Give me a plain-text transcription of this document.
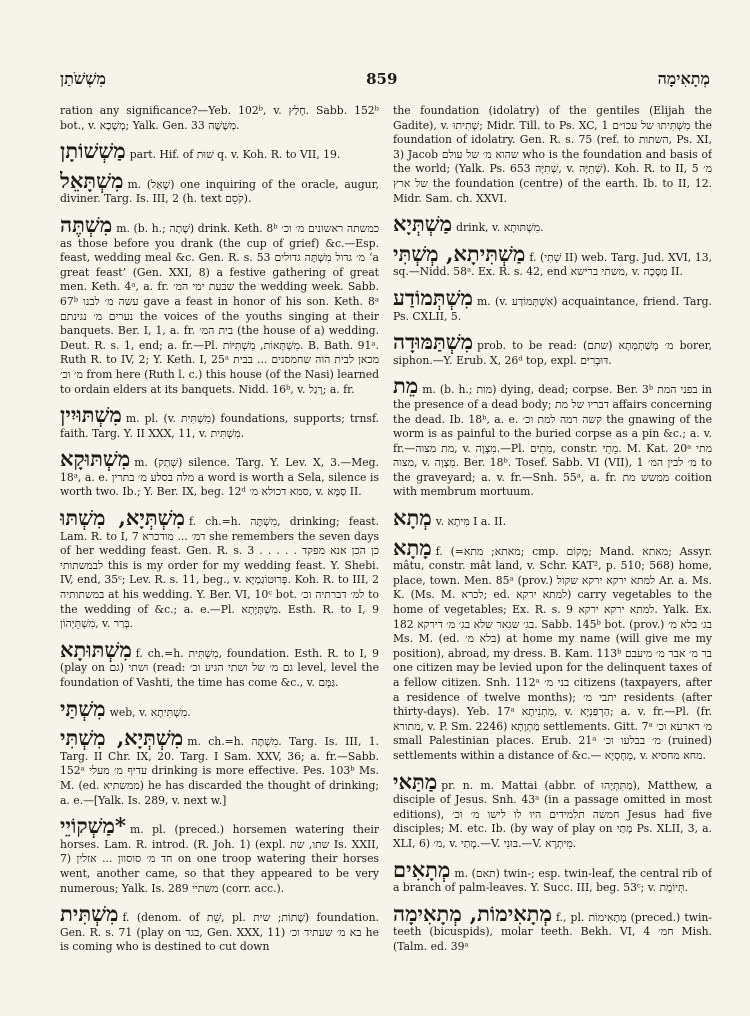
מִשְׁשֹׁתַן	859	מְתָאִימָה

ration any significance?—Yeb. 102ᵇ, v. חָלַץ. Sabb. 152ᵇ bot., v. מְשָׁכָא; Yalk. Gen. 33 מְשָׁשָׁה.

מַשְׁשׁוֹתָן part. Hif. of שׁוּת q. v. Koh. R. to VII, 19.

מִשְׁתָּאֵל m. (שָׁאַל) one inquiring of the oracle, augur, diviner. Targ. Is. III, 2 (h. text קֹסֵם).

מִשְׁתֶּה m. (b. h.; שָׁתָה) drink. Keth. 8ᵇ כמשתה ראשונים מ׳ וכ׳ as those before you drank (the cup of grief) &c.—Esp. feast, wedding meal &c. Gen. R. s. 53 מ׳ גדול מִשְׁתֶּה גדולים ‘a great feast’ (Gen. XXI, 8) a festive gathering of great men. Keth. 4ᵃ, a. fr. שבעת ימי המ׳ the wedding week. Sabb. 67ᵇ עשה מ׳ לבנו gave a feast in honor of his son. Keth. 8ᵃ נערים מ׳ נגינתם the voices of the youths singing at their banquets. Ber. I, 1, a. fr. בית המ׳ (the house of a) wedding. Deut. R. s. 1, end; a. fr.—Pl. מִשְׁתָּאוֹת, מִשְׁתִּיּוֹת. B. Bath. 91ᵃ. Ruth R. to IV, 2; Y. Keth. I, 25ᵃ מכאן לבית הוה שחמסנים ... בבית מ׳ וכ׳ from here (Ruth l. c.) this house (of the Nasi) learned to ordain elders at its banquets. Nidd. 16ᵇ, v. רָגַל; a. fr.

מִשְׁתּוּיִין m. pl. (v. מִשְׁתִּית) foundations, supports; trnsf. faith. Targ. Y. II XXX, 11, v. מִשְׁתִּית.

מִשְׁתּוּקָא m. (שְׁתַק) silence. Targ. Y. Lev. X, 3.—Meg. 18ᵃ, a. e. מלה בסלע מ׳ בתרין a word is worth a Sela, silence is worth two. Ib.; Y. Ber. IX, beg. 12ᵈ סמא דכולא מ׳, v. סַמָּא II.

מִשְׁתְּיָא, מִשְׁתּוּ f. ch.=h. מִשְׁתֶּה, drinking; feast. Lam. R. to I, 7 דמ׳ ... מודכרא she remembers the seven days of her wedding feast. Gen. R. s. 3 . . כן הכן אנא מפקד . . . לבמשתותי this is my order for my wedding feast. Y. Shebi. IV, end, 35ᶜ; Lev. R. s. 11, beg., v. פְּרוּטוֹגַמְיָא. Koh. R. to III, 2 במשתותיה at his wedding. Y. Ber. VI, 10ᶜ bot. למ׳ דברתיה וכ׳ to the wedding of &c.; a. e.—Pl. מִשְׁתְּיָתָא. Esth. R. to I, 9 מִשְׁתֵּיְהוֹן, v. בְּרַר.

מִשְׁתּוּתָא f. ch.=h. מִשְׁתִּית, foundation. Esth. R. to I, 9 (play on גם) ושתי (read: גם מ׳ של ושתי הגיע וכ׳ level, level the foundation of Vashti, the time has come &c., v. גַּמָּם.

מִשְׁתַּי web, v. מִשְׁתִּיתָא.

מִשְׁתְּיָא, מִשְׁתִּי m. ch.=h. מִשְׁתֶּה. Targ. Is. III, 1. Targ. II Chr. IX, 20. Targ. I Sam. XXV, 36; a. fr.—Sabb. 152ᵃ עדיף מ׳ מעלי drinking is more effective. Pes. 103ᵇ Ms. M. (ed. ממשתיא) he has discarded the thought of drinking; a. e.—[Yalk. Is. 289, v. next w.]

*מַשְׁקוֹיֵי m. pl. (preced.) horsemen watering their horses. Lam. R. introd. (R. Joh. 1) (expl. שתו, שת Is. XXII, 7) חד מ׳ סוסוון ... אזלין on one troop watering their horses went, another came, so that they appeared to be very numerous; Yalk. Is. 289 משתיי (corr. acc.).

מִשְׁתִּית f. (denom. of שֵׁת, pl. שָׁתוֹת; שית) foundation. Gen. R. s. 71 (play on בגד, Gen. XXX, 11) בא מ׳ שעתיד וכ׳ he is coming who is destined to cut down

the foundation (idolatry) of the gentiles (Elijah the Gadite), v. שְׁתִיתוּ; Midr. Till. to Ps. XC, 1 מִשְׁתִּיתוּ של עכו״ם the foundation of idolatry. Gen. R. s. 75 (ref. to השתות, Ps. XI, 3) Jacob שהוא מ׳ של עולם who is the foundation and basis of the world; (Yalk. Ps. 653 שְׁתִיָּה, v. שְׁתִיָּה). Koh. R. to II, 5 מ׳ של ארץ the foundation (centre) of the earth. Ib. to II, 12. Midr. Sam. ch. XXVI.

מַשְׁתְּיָא drink, v. מִשְׁתּוּתָא.

מַשְׁתִּיתָא, מְשְׁתִּי f. (שְׁתִי II) web. Targ. Jud. XVI, 13, sq.—Nidd. 58ᵃ. Ex. R. s. 42, end משתי ברישא, v. מַסֶּכָה II.

מִשְׁתְּמוֹדַע m. (v. אִשְׁתְּמוֹדַע) acquaintance, friend. Targ. Ps. CXLII, 5.

מִשְׁתַּמּוּדָה prob. to be read: מ׳ מְשַׁתְמְתָא (שתם) borer, siphon.—Y. Erub. X, 26ᵈ top, expl. דּוּבְרִיּם.

מֵת m. (b. h.; מות) dying, dead; corpse. Ber. 3ᵇ בפני המת in the presence of a dead body; דבריו של מת affairs concerning the dead. Ib. 18ᵇ, a. e. קשה רמה למת וכ׳ the gnawing of the worm is as painful to the buried corpse as a pin &c.; a. v. fr.—מת מצוה, v. מִצְוָה.—Pl. מֵתִים, constr. מֵתֵי. M. Kat. 20ᵃ מתי מצוה, v. מִצְוָה. Ber. 18ᵇ. Tosef. Sabb. VI (VII), 1 מ׳ לבין המ׳ to the graveyard; a. v. fr.—Snh. 55ᵃ, a. fr. ממשש מת coition with membrum mortuum.

מְתָא v. מִיתָא I a. II.

מָתָא f. (=מאתא; מתא; cmp. מָקוֹם; Mand. מאתא; Assyr. mâtu, constr. mât land, v. Schr. KAT², p. 510; 568) home, place, town. Men. 85ᵃ (prov.) למתא ירקא ירקא שקול Ar. a. Ms. K. (Ms. M. לכרא; ed. למתא ירקא) carry vegetables to the home of vegetables; Ex. R. s. 9 למתא ירקא ירקא. Yalk. Ex. 182 בג׳ שגאר שלא בג׳ מ׳ דירקא. Sabb. 145ᵇ bot. (prov.) בג׳ בלא מ׳ Ms. M. (ed. בלא מ׳) at home my name (will give me my position), abroad, my dress. B. Kam. 113ᵇ בר מ׳ אבר מ׳ מיעבם one citizen may be levied upon for the delinquent taxes of a fellow citizen. Snh. 112ᵃ בני מ׳ citizens (taxpayers, after a residence of twelve months); יתבי מ׳ residents (after thirty-days). Yeb. 17ᵃ מִתְנִיתָא, v. הַרְפַּנְיָא; a. v. fr.—Pl. (fr. מתורא, v. P. Sm. 2246) מַתְוָתָא settlements. Gitt. 7ᵃ מ׳ דארעא וכ׳ small Palestinian places. Erub. 21ᵃ מ׳ בבלעו וכ׳ (ruined) settlements within a distance of &c.— מְחָסְיָא, v. מחא מחסיא.

מַתַּאי pr. n. m. Mattai (abbr. of מַתִּתְיָהוּ), Matthew, a disciple of Jesus. Snh. 43ᵃ (in a passage omitted in most editions), חמשה תלמידים היו לו לישו מ׳ וכ׳ Jesus had five disciples; M. etc. Ib. (by way of play on מָתַי Ps. XLII, 3, a. XLI, 6) מ׳, v. מָתַי.—V. בּוּנִי.—V. מִיתְרָא.

מְתָאִים m. (תאם) twin-; esp. twin-leaf, the central rib of a branch of palm-leaves. Y. Succ. III, beg. 53ᶜ; v. תְּיוֹמֶת.

מְתָאִימוֹת, מְתָאִימָה f., pl. מְתָאִימוֹת (preced.) twin-teeth (bicuspids), molar teeth. Bekh. VI, 4 חמ׳ Mish. (Talm. ed. 39ᵃ
